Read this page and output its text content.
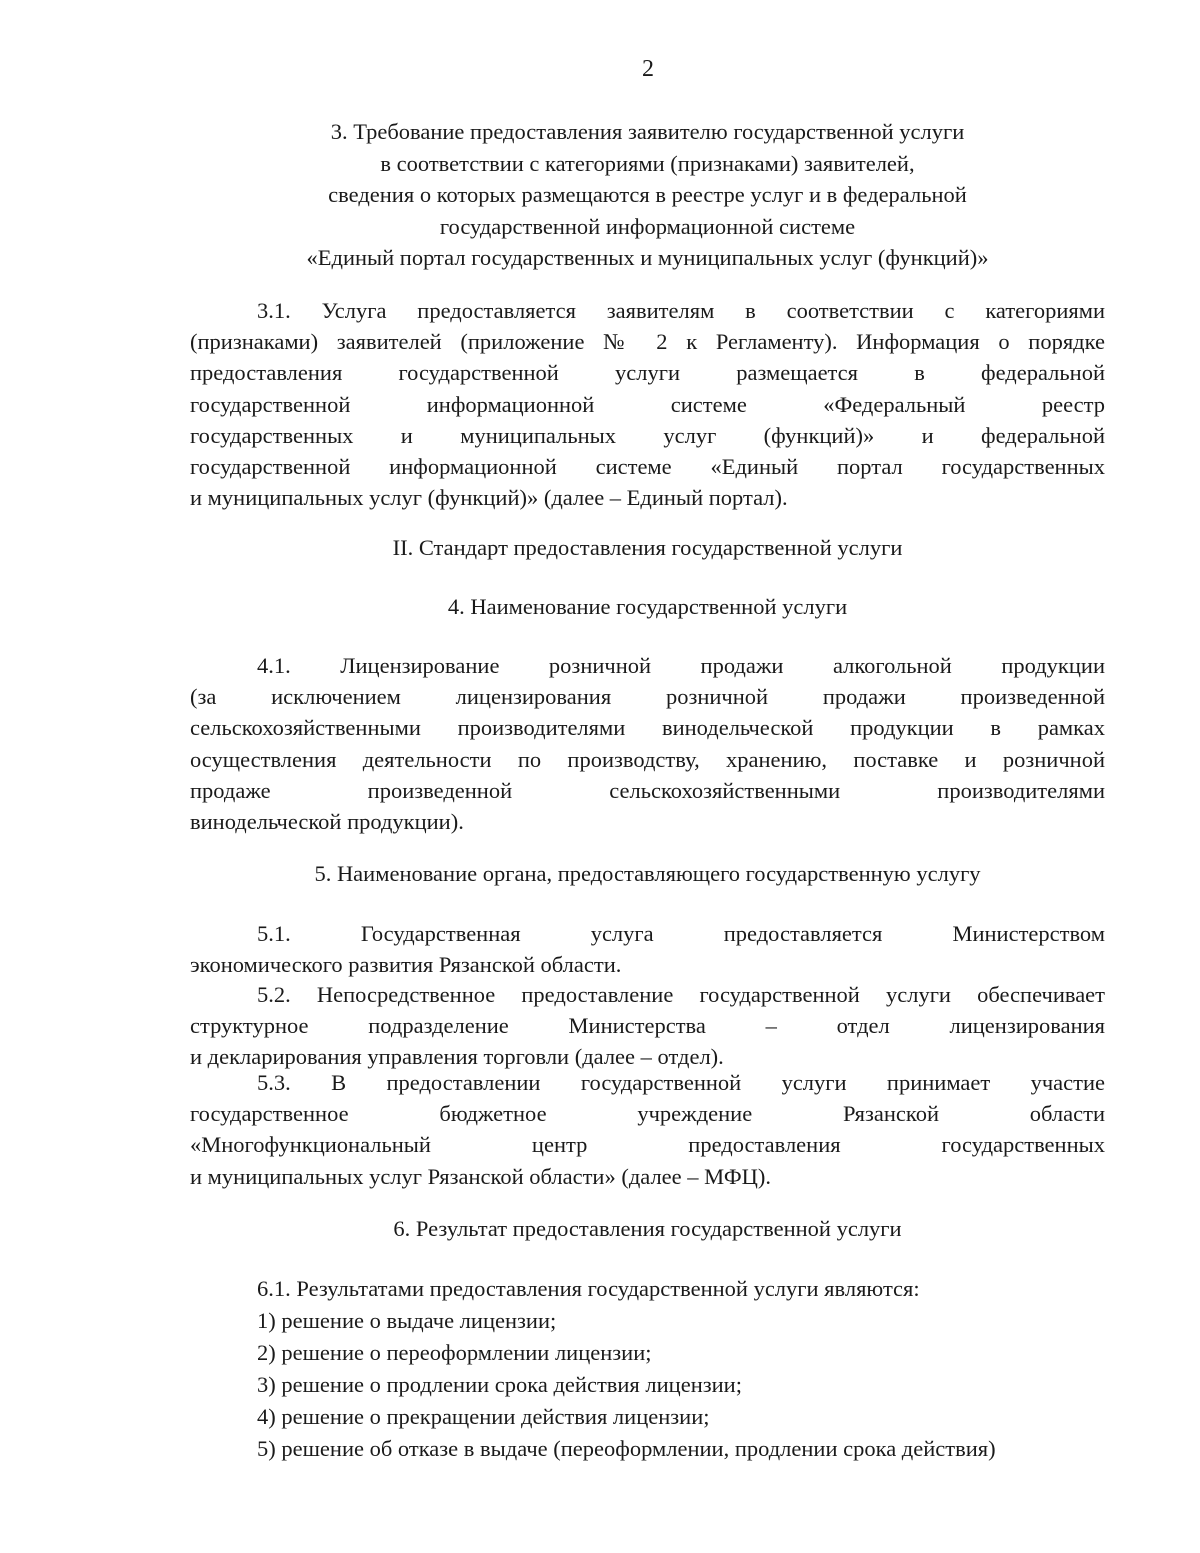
2
3. Требование предоставления заявителю государственной услуги
в соответствии с категориями (признаками) заявителей,
сведения о которых размещаются в реестре услуг и в федеральной
государственной информационной системе
«Единый портал государственных и муниципальных услуг (функций)»
3.1. Услуга предоставляется заявителям в соответствии с категориями
(признаками) заявителей (приложение № 2 к Регламенту). Информация о порядке
предоставления государственной услуги размещается в федеральной
государственной информационной системе «Федеральный реестр
государственных и муниципальных услуг (функций)» и федеральной
государственной информационной системе «Единый портал государственных
и муниципальных услуг (функций)» (далее – Единый портал).
II. Стандарт предоставления государственной услуги
4. Наименование государственной услуги
4.1. Лицензирование розничной продажи алкогольной продукции
(за исключением лицензирования розничной продажи произведенной
сельскохозяйственными производителями винодельческой продукции в рамках
осуществления деятельности по производству, хранению, поставке и розничной
продаже произведенной сельскохозяйственными производителями
винодельческой продукции).
5. Наименование органа, предоставляющего государственную услугу
5.1. Государственная услуга предоставляется Министерством
экономического развития Рязанской области.
5.2. Непосредственное предоставление государственной услуги обеспечивает
структурное подразделение Министерства – отдел лицензирования
и декларирования управления торговли (далее – отдел).
5.3. В предоставлении государственной услуги принимает участие
государственное бюджетное учреждение Рязанской области
«Многофункциональный центр предоставления государственных
и муниципальных услуг Рязанской области» (далее – МФЦ).
6. Результат предоставления государственной услуги
6.1. Результатами предоставления государственной услуги являются:
1) решение о выдаче лицензии;
2) решение о переоформлении лицензии;
3) решение о продлении срока действия лицензии;
4) решение о прекращении действия лицензии;
5) решение об отказе в выдаче (переоформлении, продлении срока действия)
